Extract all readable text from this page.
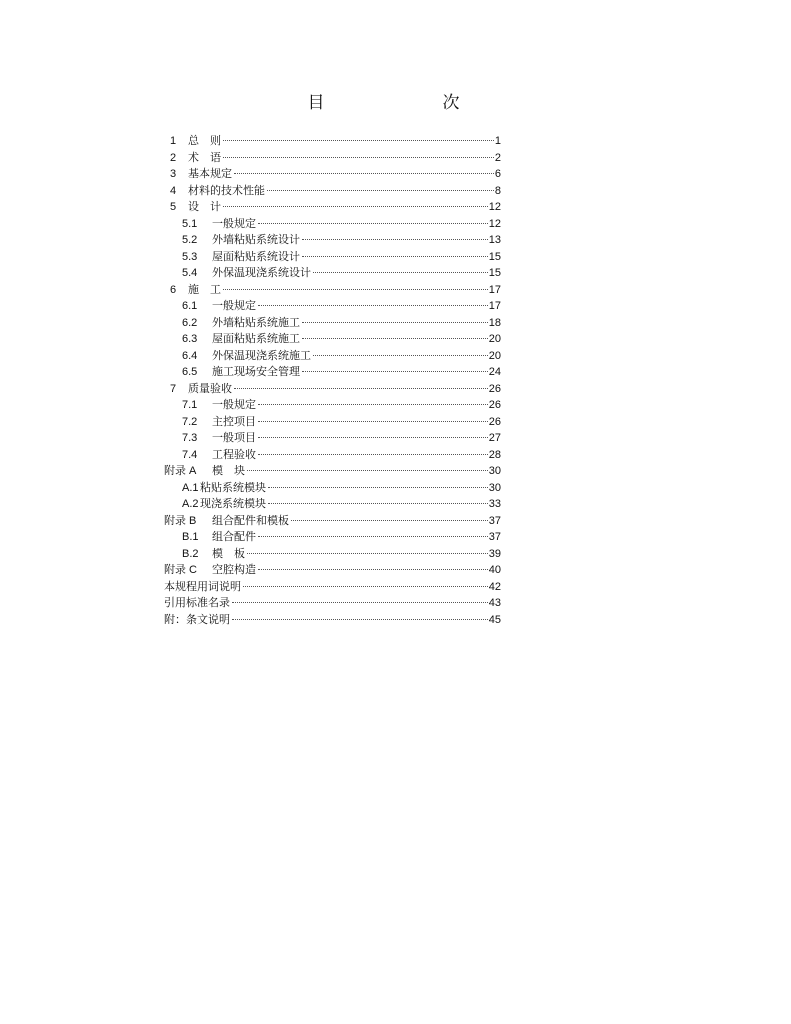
目　　次
1	总　则	1
2	术　语	2
3	基本规定	6
4	材料的技术性能	8
5	设　计	12
5.1	一般规定	12
5.2	外墙粘贴系统设计	13
5.3	屋面粘贴系统设计	15
5.4	外保温现浇系统设计	15
6	施　工	17
6.1	一般规定	17
6.2	外墙粘贴系统施工	18
6.3	屋面粘贴系统施工	20
6.4	外保温现浇系统施工	20
6.5	施工现场安全管理	24
7	质量验收	26
7.1	一般规定	26
7.2	主控项目	26
7.3	一般项目	27
7.4	工程验收	28
附录 A	模　块	30
A.1 粘贴系统模块	30
A.2 现浇系统模块	33
附录 B	组合配件和模板	37
B.1	组合配件	37
B.2	模　板	39
附录 C	空腔构造	40
本规程用词说明	42
引用标准名录	43
附：条文说明	45
